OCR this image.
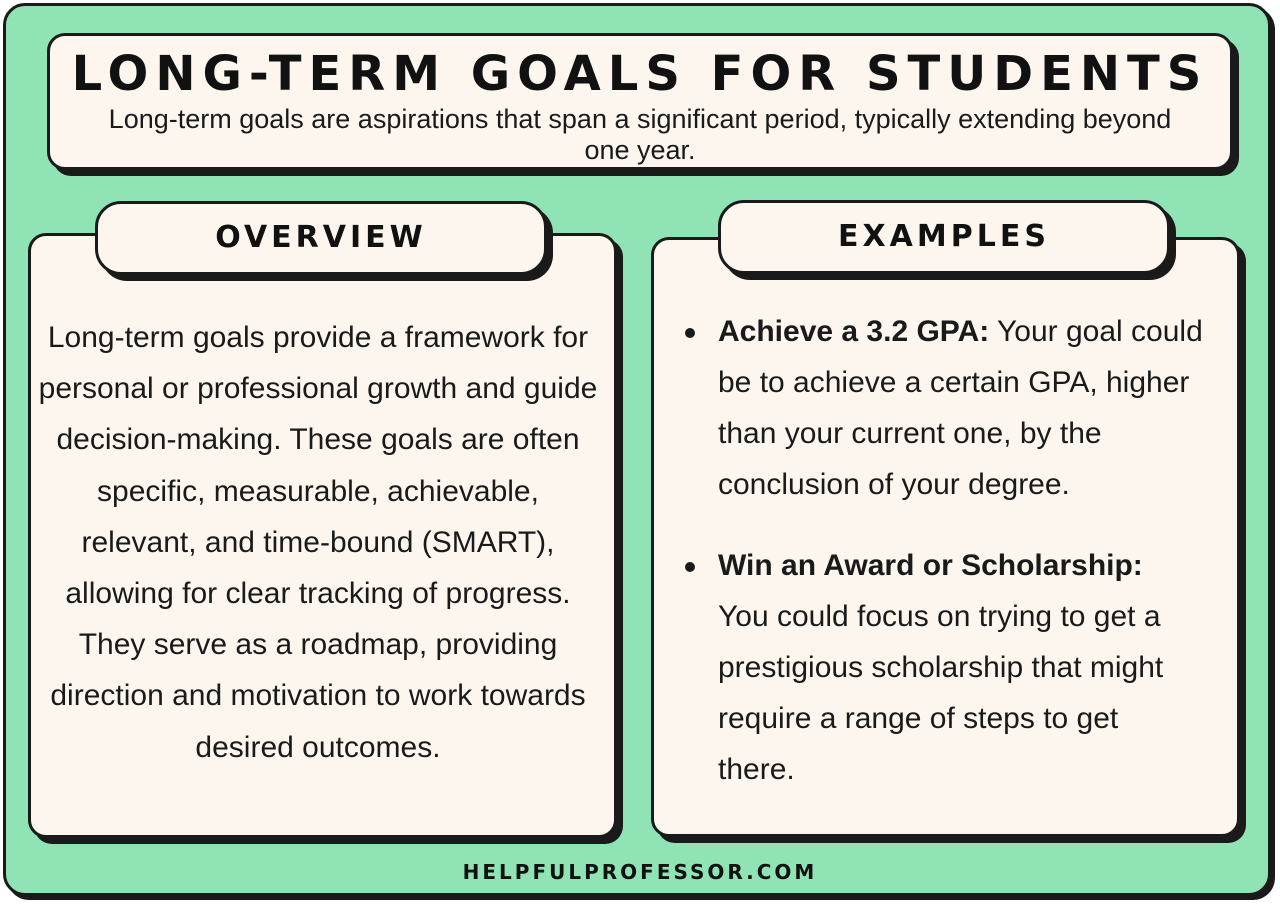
LONG-TERM GOALS FOR STUDENTS
Long-term goals are aspirations that span a significant period, typically extending beyond one year.
OVERVIEW
Long-term goals provide a framework for personal or professional growth and guide decision-making. These goals are often specific, measurable, achievable, relevant, and time-bound (SMART), allowing for clear tracking of progress. They serve as a roadmap, providing direction and motivation to work towards desired outcomes.
EXAMPLES
Achieve a 3.2 GPA: Your goal could be to achieve a certain GPA, higher than your current one, by the conclusion of your degree.
Win an Award or Scholarship:
You could focus on trying to get a prestigious scholarship that might require a range of steps to get there.
HELPFULPROFESSOR.COM
